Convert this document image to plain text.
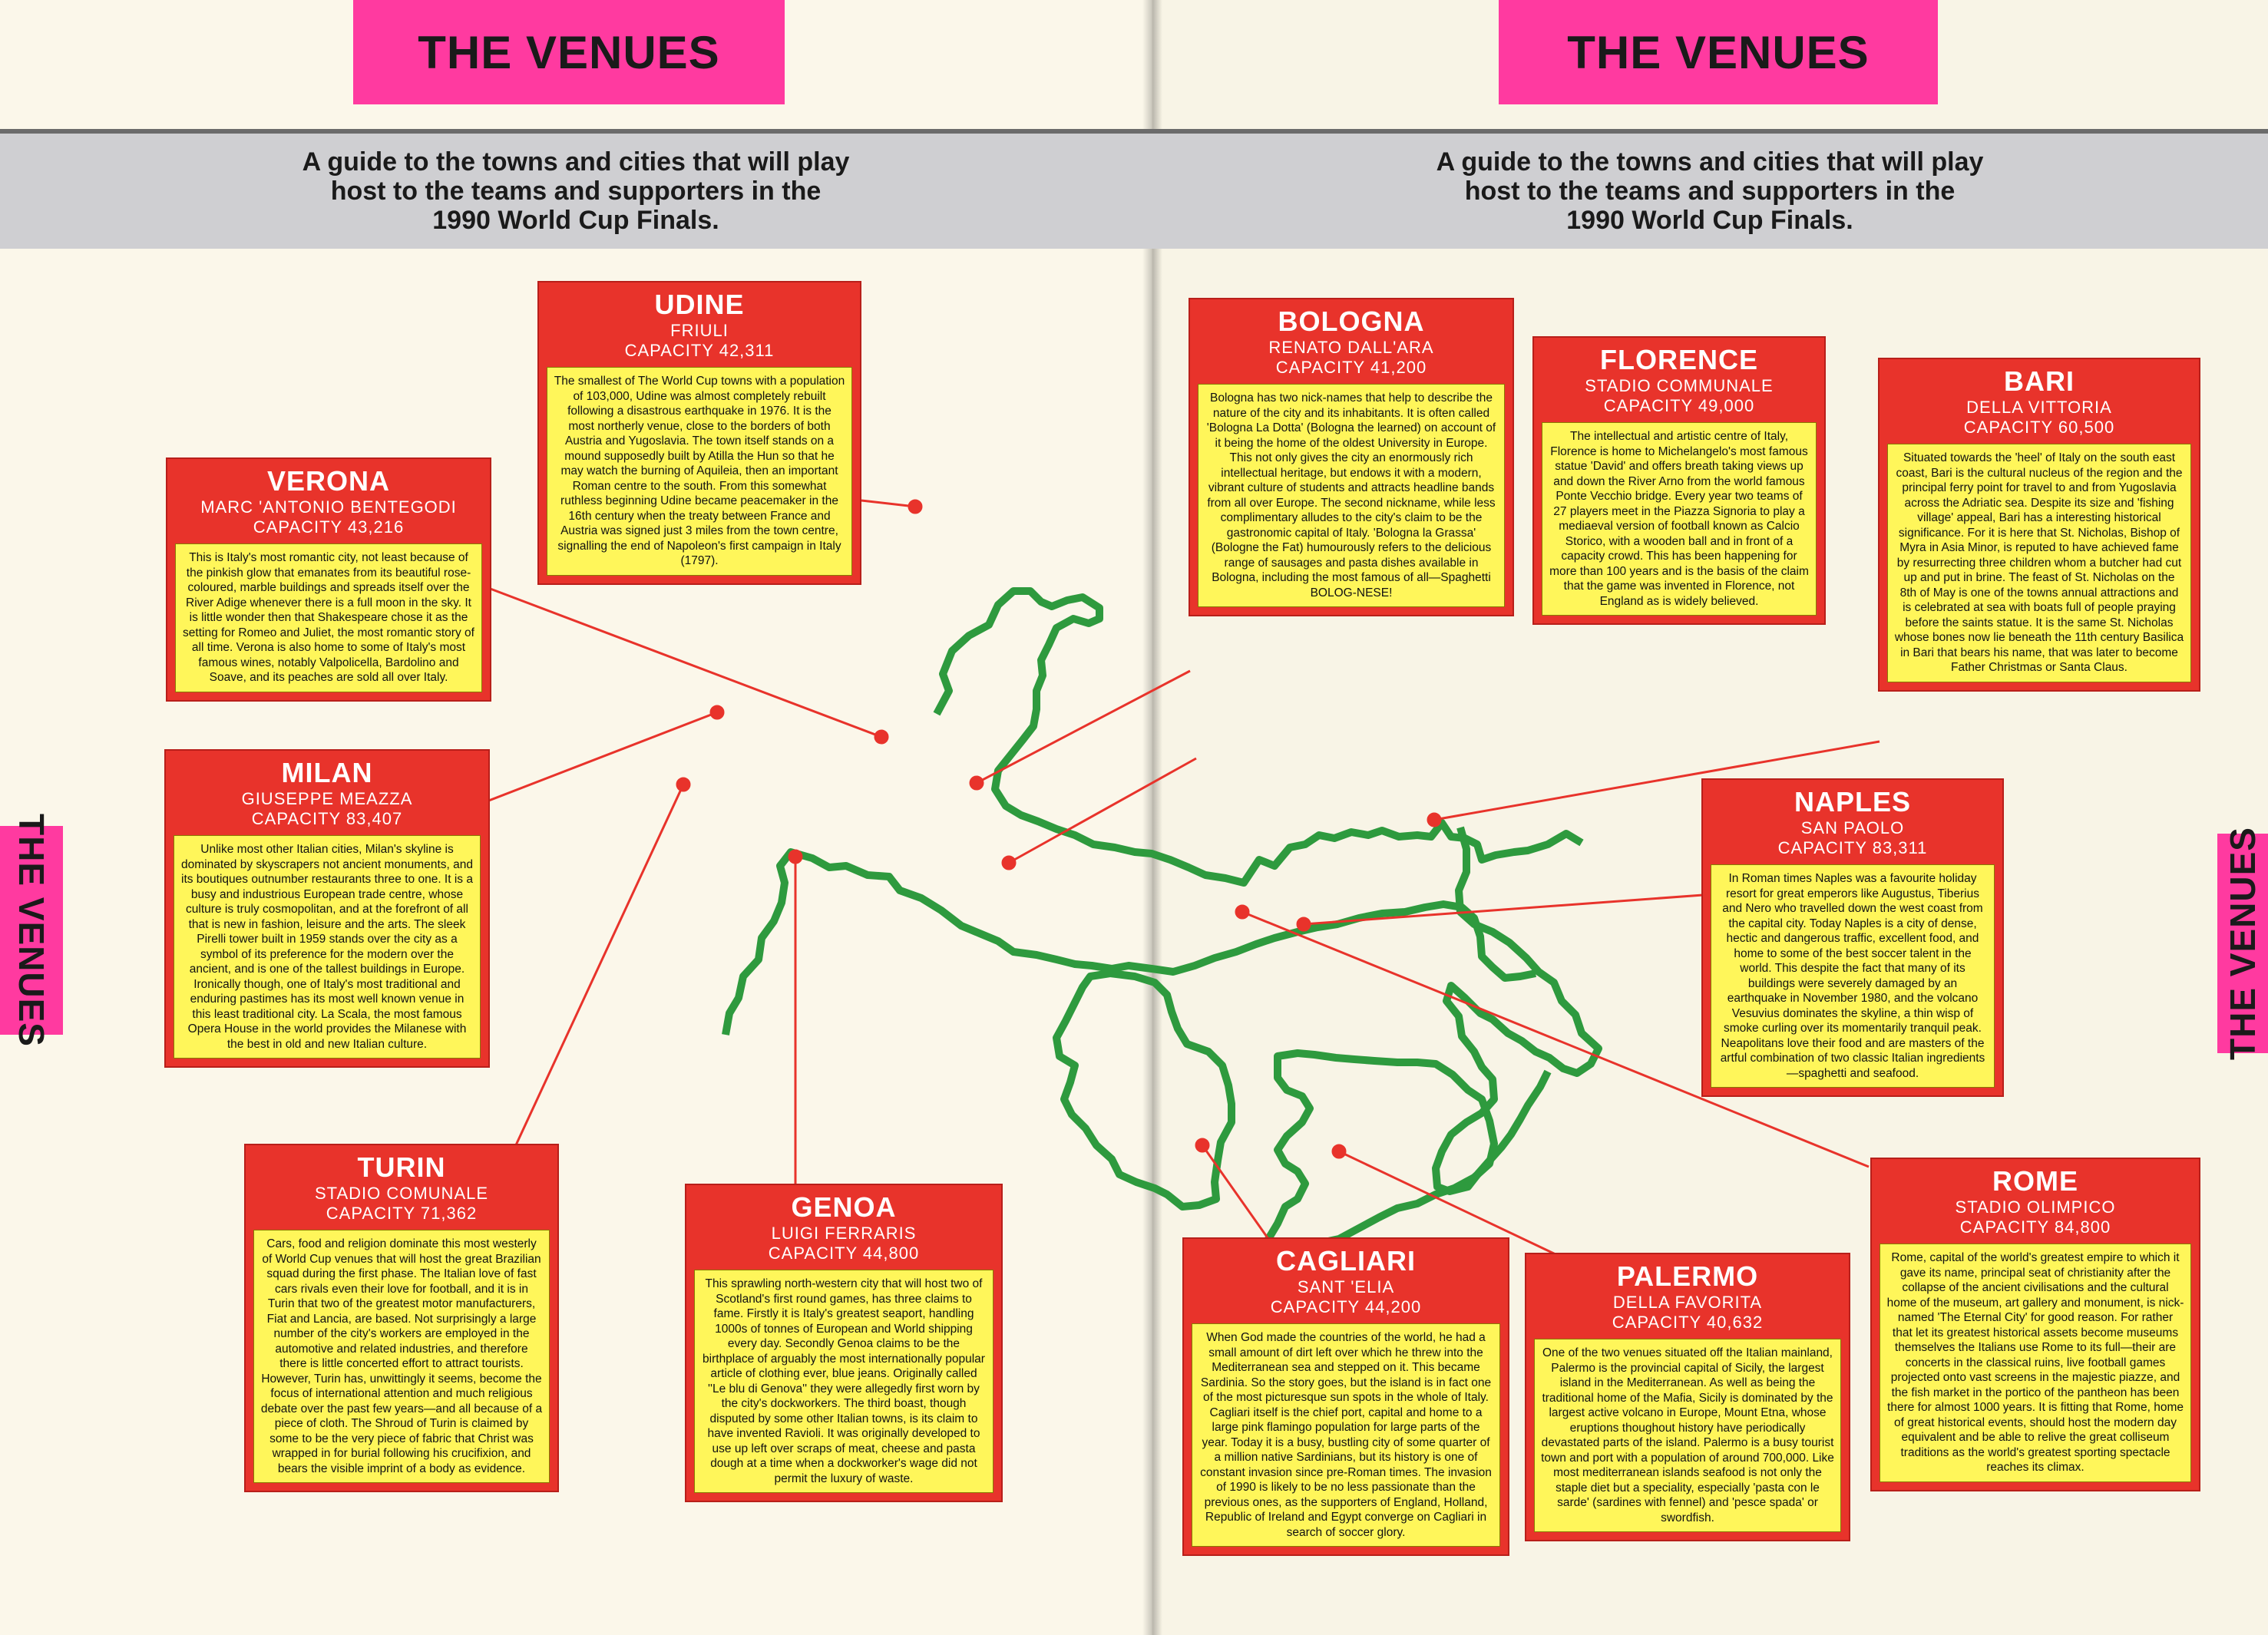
THE VENUES

A guide to the towns and cities that will play
host to the teams and supporters in the
1990 World Cup Finals.

THE VENUES
THE VENUES

A guide to the towns and cities that will play
host to the teams and supporters in the
1990 World Cup Finals.

THE VENUES
UDINE
FRIULI
CAPACITY 42,311
The smallest of The World Cup towns with a population of 103,000, Udine was almost completely rebuilt following a disastrous earthquake in 1976. It is the most northerly venue, close to the borders of both Austria and Yugoslavia. The town itself stands on a mound supposedly built by Atilla the Hun so that he may watch the burning of Aquileia, then an important Roman centre to the south. From this somewhat ruthless beginning Udine became peacemaker in the 16th century when the treaty between France and Austria was signed just 3 miles from the town centre, signalling the end of Napoleon's first campaign in Italy (1797).
VERONA
MARC 'ANTONIO BENTEGODI
CAPACITY 43,216
This is Italy's most romantic city, not least because of the pinkish glow that emanates from its beautiful rose-coloured, marble buildings and spreads itself over the River Adige whenever there is a full moon in the sky. It is little wonder then that Shakespeare chose it as the setting for Romeo and Juliet, the most romantic story of all time. Verona is also home to some of Italy's most famous wines, notably Valpolicella, Bardolino and Soave, and its peaches are sold all over Italy.
MILAN
GIUSEPPE MEAZZA
CAPACITY 83,407
Unlike most other Italian cities, Milan's skyline is dominated by skyscrapers not ancient monuments, and its boutiques outnumber restaurants three to one. It is a busy and industrious European trade centre, whose culture is truly cosmopolitan, and at the forefront of all that is new in fashion, leisure and the arts. The sleek Pirelli tower built in 1959 stands over the city as a symbol of its preference for the modern over the ancient, and is one of the tallest buildings in Europe. Ironically though, one of Italy's most traditional and enduring pastimes has its most well known venue in this least traditional city. La Scala, the most famous Opera House in the world provides the Milanese with the best in old and new Italian culture.
TURIN
STADIO COMUNALE
CAPACITY 71,362
Cars, food and religion dominate this most westerly of World Cup venues that will host the great Brazilian squad during the first phase. The Italian love of fast cars rivals even their love for football, and it is in Turin that two of the greatest motor manufacturers, Fiat and Lancia, are based. Not surprisingly a large number of the city's workers are employed in the automotive and related industries, and therefore there is little concerted effort to attract tourists. However, Turin has, unwittingly it seems, become the focus of international attention and much religious debate over the past few years—and all because of a piece of cloth. The Shroud of Turin is claimed by some to be the very piece of fabric that Christ was wrapped in for burial following his crucifixion, and bears the visible imprint of a body as evidence.
GENOA
LUIGI FERRARIS
CAPACITY 44,800
This sprawling north-western city that will host two of Scotland's first round games, has three claims to fame. Firstly it is Italy's greatest seaport, handling 1000s of tonnes of European and World shipping every day. Secondly Genoa claims to be the birthplace of arguably the most internationally popular article of clothing ever, blue jeans. Originally called ''Le blu di Genova'' they were allegedly first worn by the city's dockworkers. The third boast, though disputed by some other Italian towns, is its claim to have invented Ravioli. It was originally developed to use up left over scraps of meat, cheese and pasta dough at a time when a dockworker's wage did not permit the luxury of waste.
BOLOGNA
RENATO DALL'ARA
CAPACITY 41,200
Bologna has two nick-names that help to describe the nature of the city and its inhabitants. It is often called 'Bologna La Dotta' (Bologna the learned) on account of it being the home of the oldest University in Europe. This not only gives the city an enormously rich intellectual heritage, but endows it with a modern, vibrant culture of students and attracts headline bands from all over Europe. The second nickname, while less complimentary alludes to the city's claim to be the gastronomic capital of Italy. 'Bologna la Grassa' (Bologne the Fat) humourously refers to the delicious range of sausages and pasta dishes available in Bologna, including the most famous of all—Spaghetti BOLOG-NESE!
FLORENCE
STADIO COMMUNALE
CAPACITY 49,000
The intellectual and artistic centre of Italy, Florence is home to Michelangelo's most famous statue 'David' and offers breath taking views up and down the River Arno from the world famous Ponte Vecchio bridge. Every year two teams of 27 players meet in the Piazza Signoria to play a mediaeval version of football known as Calcio Storico, with a wooden ball and in front of a capacity crowd. This has been happening for more than 100 years and is the basis of the claim that the game was invented in Florence, not England as is widely believed.
BARI
DELLA VITTORIA
CAPACITY 60,500
Situated towards the 'heel' of Italy on the south east coast, Bari is the cultural nucleus of the region and the principal ferry point for travel to and from Yugoslavia across the Adriatic sea. Despite its size and 'fishing village' appeal, Bari has a interesting historical significance. For it is here that St. Nicholas, Bishop of Myra in Asia Minor, is reputed to have achieved fame by resurrecting three children whom a butcher had cut up and put in brine. The feast of St. Nicholas on the 8th of May is one of the towns annual attractions and is celebrated at sea with boats full of people praying before the saints statue. It is the same St. Nicholas whose bones now lie beneath the 11th century Basilica in Bari that bears his name, that was later to become Father Christmas or Santa Claus.
NAPLES
SAN PAOLO
CAPACITY 83,311
In Roman times Naples was a favourite holiday resort for great emperors like Augustus, Tiberius and Nero who travelled down the west coast from the capital city. Today Naples is a city of dense, hectic and dangerous traffic, excellent food, and home to some of the best soccer talent in the world. This despite the fact that many of its buildings were severely damaged by an earthquake in November 1980, and the volcano Vesuvius dominates the skyline, a thin wisp of smoke curling over its momentarily tranquil peak. Neapolitans love their food and are masters of the artful combination of two classic Italian ingredients—spaghetti and seafood.
ROME
STADIO OLIMPICO
CAPACITY 84,800
Rome, capital of the world's greatest empire to which it gave its name, principal seat of christianity after the collapse of the ancient civilisations and the cultural home of the museum, art gallery and monument, is nick-named 'The Eternal City' for good reason. For rather that let its greatest historical assets become museums themselves the Italians use Rome to its full—their are concerts in the classical ruins, live football games projected onto vast screens in the majestic piazze, and the fish market in the portico of the pantheon has been there for almost 1000 years. It is fitting that Rome, home of great historical events, should host the modern day equivalent and be able to relive the great colliseum traditions as the world's greatest sporting spectacle reaches its climax.
CAGLIARI
SANT 'ELIA
CAPACITY 44,200
When God made the countries of the world, he had a small amount of dirt left over which he threw into the Mediterranean sea and stepped on it. This became Sardinia. So the story goes, but the island is in fact one of the most picturesque sun spots in the whole of Italy. Cagliari itself is the chief port, capital and home to a large pink flamingo population for large parts of the year. Today it is a busy, bustling city of some quarter of a million native Sardinians, but its history is one of constant invasion since pre-Roman times. The invasion of 1990 is likely to be no less passionate than the previous ones, as the supporters of England, Holland, Republic of Ireland and Egypt converge on Cagliari in search of soccer glory.
PALERMO
DELLA FAVORITA
CAPACITY 40,632
One of the two venues situated off the Italian mainland, Palermo is the provincial capital of Sicily, the largest island in the Mediterranean. As well as being the traditional home of the Mafia, Sicily is dominated by the largest active volcano in Europe, Mount Etna, whose eruptions thoughout history have periodically devastated parts of the island. Palermo is a busy tourist town and port with a population of around 700,000. Like most mediterranean islands seafood is not only the staple diet but a speciality, especially 'pasta con le sarde' (sardines with fennel) and 'pesce spada' or swordfish.
